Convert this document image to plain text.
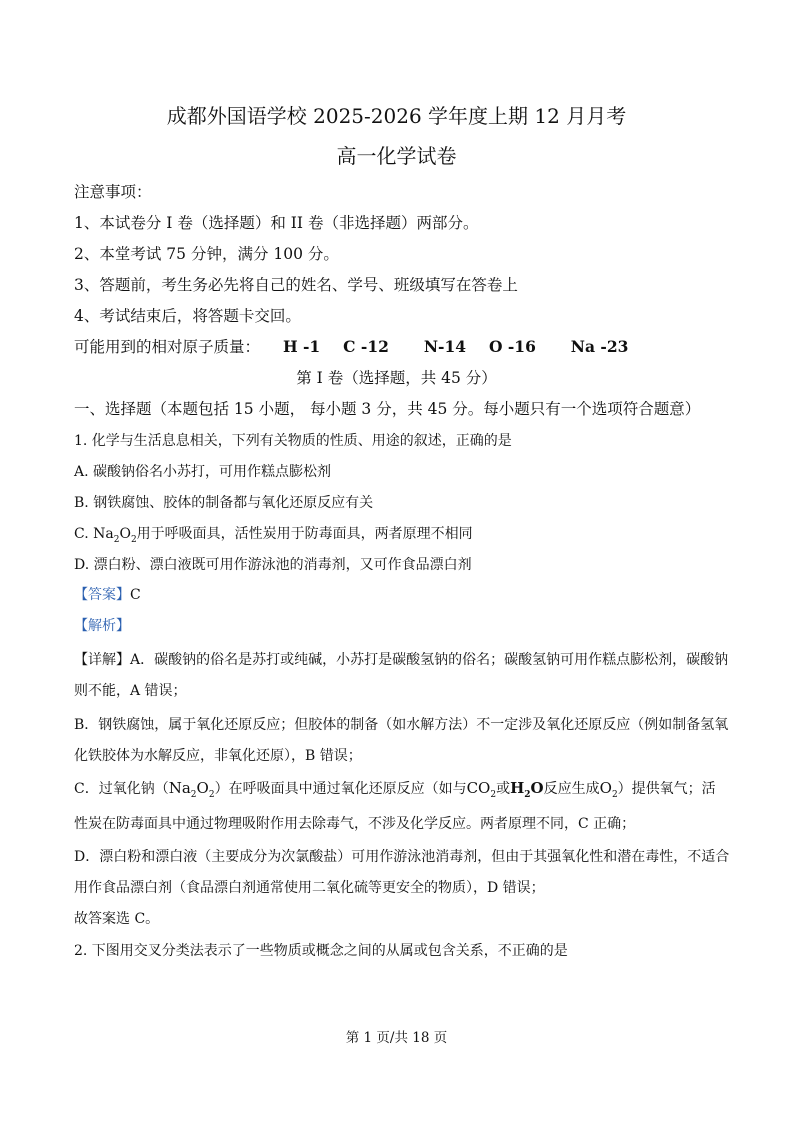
成都外国语学校 2025-2026 学年度上期 12 月月考
高一化学试卷
注意事项：
1、本试卷分 I 卷（选择题）和 II 卷（非选择题）两部分。
2、本堂考试 75 分钟，满分 100 分。
3、答题前，考生务必先将自己的姓名、学号、班级填写在答卷上
4、考试结束后，将答题卡交回。
可能用到的相对原子质量： H -1 C -12 N-14 O -16 Na -23
第 I 卷（选择题，共 45 分）
一、选择题（本题包括 15 小题， 每小题 3 分，共 45 分。每小题只有一个选项符合题意）
1. 化学与生活息息相关，下列有关物质的性质、用途的叙述，正确的是
A. 碳酸钠俗名小苏打，可用作糕点膨松剂
B. 钢铁腐蚀、胶体的制备都与氧化还原反应有关
C. $Na_2O_2$用于呼吸面具，活性炭用于防毒面具，两者原理不相同
D. 漂白粉、漂白液既可用作游泳池的消毒剂，又可作食品漂白剂
【答案】C
【解析】
【详解】A．碳酸钠的俗名是苏打或纯碱，小苏打是碳酸氢钠的俗名；碳酸氢钠可用作糕点膨松剂，碳酸钠
则不能，A 错误；
B．钢铁腐蚀，属于氧化还原反应；但胶体的制备（如水解方法）不一定涉及氧化还原反应（例如制备氢氧
化铁胶体为水解反应，非氧化还原），B 错误；
C．过氧化钠$(Na_2O_2)$在呼吸面具中通过氧化还原反应（如与$CO_2$或$H_2O$反应生成$O_2$）提供氧气；活
性炭在防毒面具中通过物理吸附作用去除毒气，不涉及化学反应。两者原理不同，C 正确；
D．漂白粉和漂白液（主要成分为次氯酸盐）可用作游泳池消毒剂，但由于其强氧化性和潜在毒性，不适合
用作食品漂白剂（食品漂白剂通常使用二氧化硫等更安全的物质），D 错误；
故答案选 C。
2. 下图用交叉分类法表示了一些物质或概念之间的从属或包含关系，不正确的是
第 1 页/共 18 页
